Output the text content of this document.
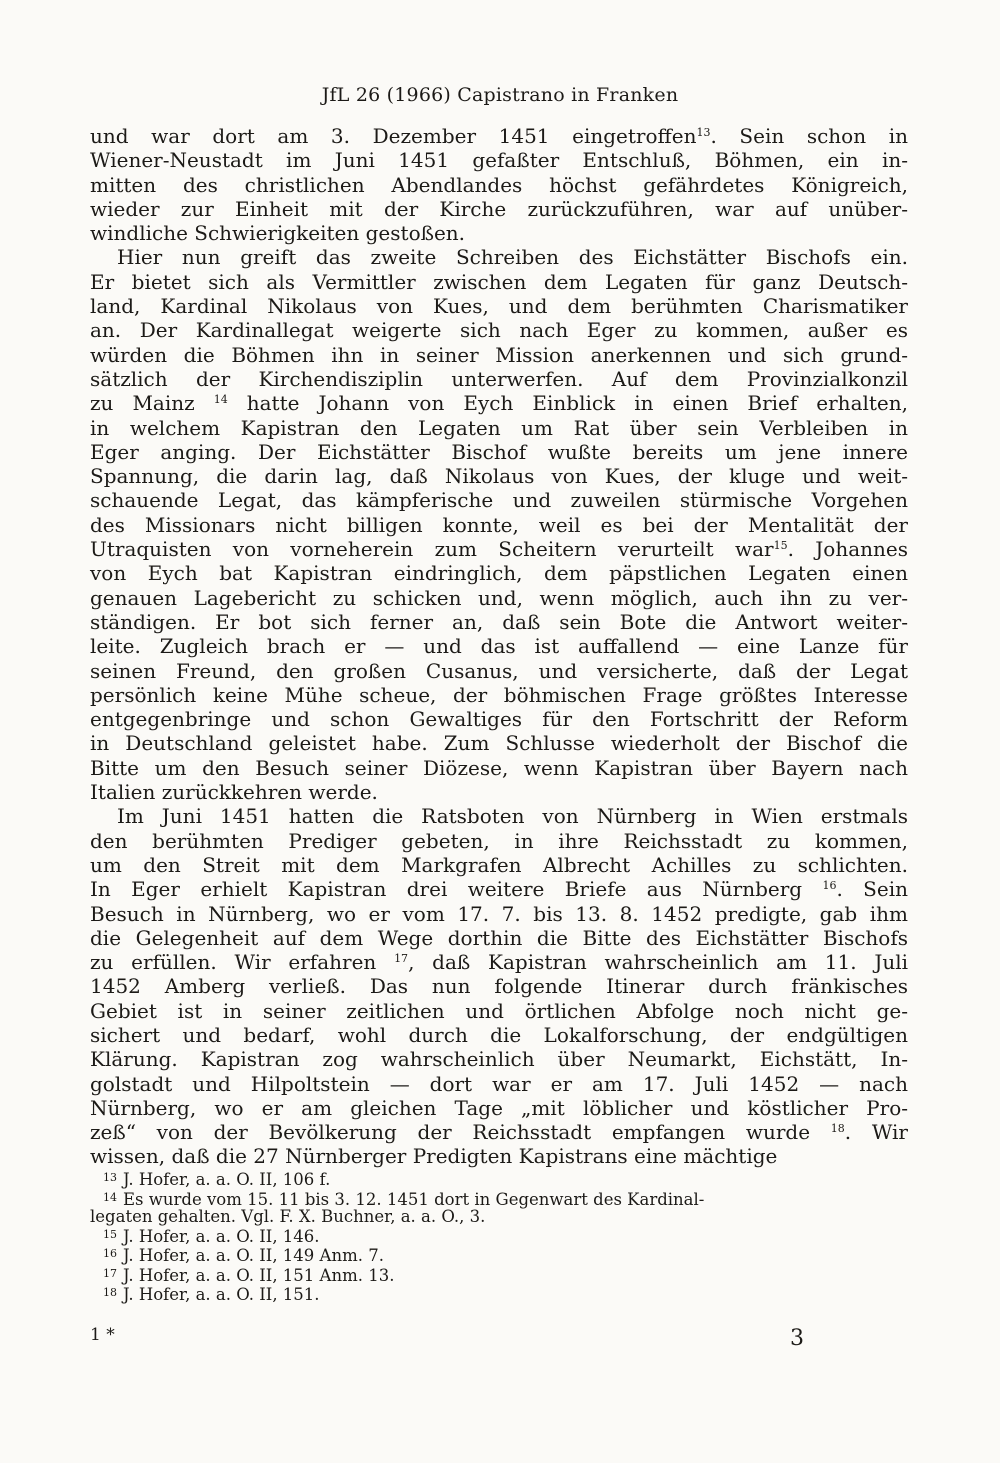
JfL 26 (1966) Capistrano in Franken
und war dort am 3. Dezember 1451 eingetroffen$^{13}$. Sein schon in
Wiener-Neustadt im Juni 1451 gefaßter Entschluß, Böhmen, ein in-
mitten des christlichen Abendlandes höchst gefährdetes Königreich,
wieder zur Einheit mit der Kirche zurückzuführen, war auf unüber-
windliche Schwierigkeiten gestoßen.
Hier nun greift das zweite Schreiben des Eichstätter Bischofs ein.
Er bietet sich als Vermittler zwischen dem Legaten für ganz Deutsch-
land, Kardinal Nikolaus von Kues, und dem berühmten Charismatiker
an. Der Kardinallegat weigerte sich nach Eger zu kommen, außer es
würden die Böhmen ihn in seiner Mission anerkennen und sich grund-
sätzlich der Kirchendisziplin unterwerfen. Auf dem Provinzialkonzil
zu Mainz $^{14}$ hatte Johann von Eych Einblick in einen Brief erhalten,
in welchem Kapistran den Legaten um Rat über sein Verbleiben in
Eger anging. Der Eichstätter Bischof wußte bereits um jene innere
Spannung, die darin lag, daß Nikolaus von Kues, der kluge und weit-
schauende Legat, das kämpferische und zuweilen stürmische Vorgehen
des Missionars nicht billigen konnte, weil es bei der Mentalität der
Utraquisten von vorneherein zum Scheitern verurteilt war$^{15}$. Johannes
von Eych bat Kapistran eindringlich, dem päpstlichen Legaten einen
genauen Lagebericht zu schicken und, wenn möglich, auch ihn zu ver-
ständigen. Er bot sich ferner an, daß sein Bote die Antwort weiter-
leite. Zugleich brach er — und das ist auffallend — eine Lanze für
seinen Freund, den großen Cusanus, und versicherte, daß der Legat
persönlich keine Mühe scheue, der böhmischen Frage größtes Interesse
entgegenbringe und schon Gewaltiges für den Fortschritt der Reform
in Deutschland geleistet habe. Zum Schlusse wiederholt der Bischof die
Bitte um den Besuch seiner Diözese, wenn Kapistran über Bayern nach
Italien zurückkehren werde.
Im Juni 1451 hatten die Ratsboten von Nürnberg in Wien erstmals
den berühmten Prediger gebeten, in ihre Reichsstadt zu kommen,
um den Streit mit dem Markgrafen Albrecht Achilles zu schlichten.
In Eger erhielt Kapistran drei weitere Briefe aus Nürnberg $^{16}$. Sein
Besuch in Nürnberg, wo er vom 17. 7. bis 13. 8. 1452 predigte, gab ihm
die Gelegenheit auf dem Wege dorthin die Bitte des Eichstätter Bischofs
zu erfüllen. Wir erfahren $^{17}$, daß Kapistran wahrscheinlich am 11. Juli
1452 Amberg verließ. Das nun folgende Itinerar durch fränkisches
Gebiet ist in seiner zeitlichen und örtlichen Abfolge noch nicht ge-
sichert und bedarf, wohl durch die Lokalforschung, der endgültigen
Klärung. Kapistran zog wahrscheinlich über Neumarkt, Eichstätt, In-
golstadt und Hilpoltstein — dort war er am 17. Juli 1452 — nach
Nürnberg, wo er am gleichen Tage „mit löblicher und köstlicher Pro-
zeß“ von der Bevölkerung der Reichsstadt empfangen wurde $^{18}$. Wir
wissen, daß die 27 Nürnberger Predigten Kapistrans eine mächtige
13 J. Hofer, a. a. O. II, 106 f.
14 Es wurde vom 15. 11 bis 3. 12. 1451 dort in Gegenwart des Kardinal-
legaten gehalten. Vgl. F. X. Buchner, a. a. O., 3.
15 J. Hofer, a. a. O. II, 146.
16 J. Hofer, a. a. O. II, 149 Anm. 7.
17 J. Hofer, a. a. O. II, 151 Anm. 13.
18 J. Hofer, a. a. O. II, 151.
1 *	3
